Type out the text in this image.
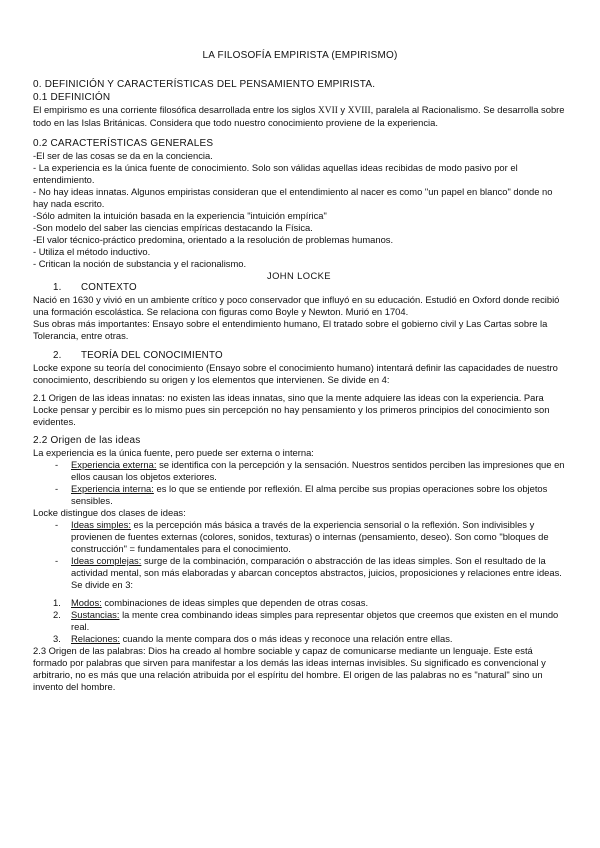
LA FILOSOFÍA EMPIRISTA (EMPIRISMO)

0. DEFINICIÓN Y CARACTERÍSTICAS DEL PENSAMIENTO EMPIRISTA.

0.1 DEFINICIÓN

El empirismo es una corriente filosófica desarrollada entre los siglos XVII y XVIII, paralela al Racionalismo. Se desarrolla sobre todo en las Islas Británicas. Considera que todo nuestro conocimiento proviene de la experiencia.

0.2 CARACTERÍSTICAS GENERALES

-El ser de las cosas se da en la conciencia.

- La experiencia es la única fuente de conocimiento. Solo son válidas aquellas ideas recibidas de modo pasivo por el entendimiento.

- No hay ideas innatas. Algunos empiristas consideran que el entendimiento al nacer es como "un papel en blanco" donde no hay nada escrito.

-Sólo admiten la intuición basada en la experiencia "intuición empírica"

-Son modelo del saber las ciencias empíricas destacando la Física.

-El valor técnico-práctico predomina, orientado a la resolución de problemas humanos.

- Utiliza el método inductivo.

- Critican la noción de substancia y el racionalismo.

JOHN LOCKE

1. CONTEXTO

Nació en 1630 y vivió en un ambiente crítico y poco conservador que influyó en su educación. Estudió en Oxford donde recibió una formación escolástica. Se relaciona con figuras como Boyle y Newton. Murió en 1704.

Sus obras más importantes: Ensayo sobre el entendimiento humano, El tratado sobre el gobierno civil y Las Cartas sobre la Tolerancia, entre otras.

2. TEORÍA DEL CONOCIMIENTO

Locke expone su teoría del conocimiento (Ensayo sobre el conocimiento humano) intentará definir las capacidades de nuestro conocimiento, describiendo su origen y los elementos que intervienen. Se divide en 4:

2.1 Origen de las ideas innatas: no existen las ideas innatas, sino que la mente adquiere las ideas con la experiencia. Para Locke pensar y percibir es lo mismo pues sin percepción no hay pensamiento y los primeros principios del conocimiento son evidentes.

2.2 Origen de las ideas

La experiencia es la única fuente, pero puede ser externa o interna:

- Experiencia externa: se identifica con la percepción y la sensación. Nuestros sentidos perciben las impresiones que en ellos causan los objetos exteriores.
- Experiencia interna: es lo que se entiende por reflexión. El alma percibe sus propias operaciones sobre los objetos sensibles.

Locke distingue dos clases de ideas:

- Ideas simples: es la percepción más básica a través de la experiencia sensorial o la reflexión. Son indivisibles y provienen de fuentes externas (colores, sonidos, texturas) o internas (pensamiento, deseo). Son como "bloques de construcción" = fundamentales para el conocimiento.
- Ideas complejas: surge de la combinación, comparación o abstracción de las ideas simples. Son el resultado de la actividad mental, son más elaboradas y abarcan conceptos abstractos, juicios, proposiciones y relaciones entre ideas. Se divide en 3:
1. Modos: combinaciones de ideas simples que dependen de otras cosas.
2. Sustancias: la mente crea combinando ideas simples para representar objetos que creemos que existen en el mundo real.
3. Relaciones: cuando la mente compara dos o más ideas y reconoce una relación entre ellas.

2.3 Origen de las palabras: Dios ha creado al hombre sociable y capaz de comunicarse mediante un lenguaje. Este está formado por palabras que sirven para manifestar a los demás las ideas internas invisibles. Su significado es convencional y arbitrario, no es más que una relación atribuida por el espíritu del hombre. El origen de las palabras no es "natural" sino un invento del hombre.
